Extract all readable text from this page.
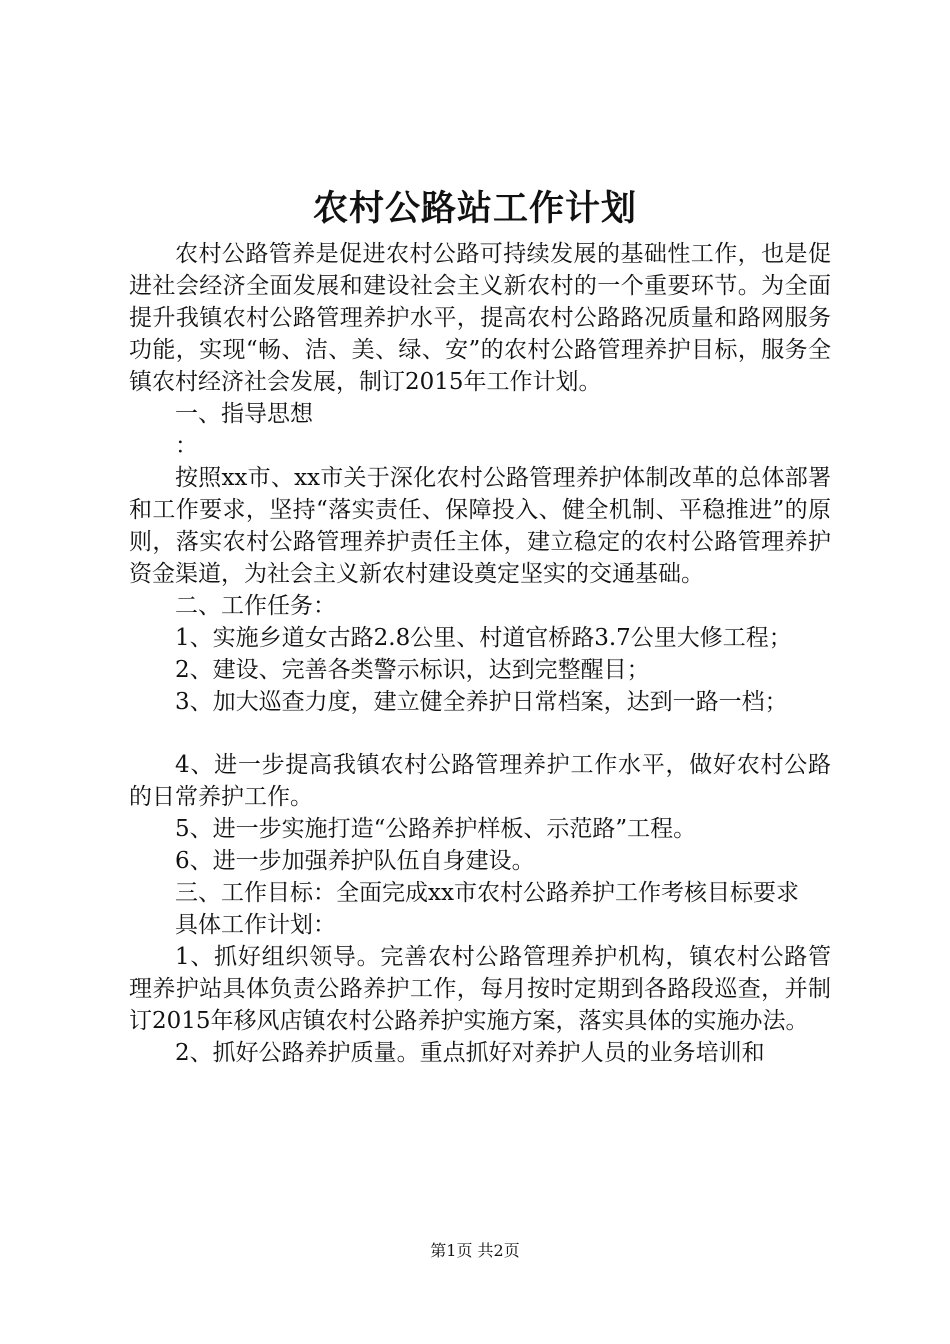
农村公路站工作计划

农村公路管养是促进农村公路可持续发展的基础性工作，也是促进社会经济全面发展和建设社会主义新农村的一个重要环节。为全面提升我镇农村公路管理养护水平，提高农村公路路况质量和路网服务功能，实现“畅、洁、美、绿、安”的农村公路管理养护目标，服务全镇农村经济社会发展，制订2015年工作计划。

一、指导思想

：

按照xx市、xx市关于深化农村公路管理养护体制改革的总体部署和工作要求，坚持“落实责任、保障投入、健全机制、平稳推进”的原则，落实农村公路管理养护责任主体，建立稳定的农村公路管理养护资金渠道，为社会主义新农村建设奠定坚实的交通基础。

二、工作任务：

1、实施乡道女古路2.8公里、村道官桥路3.7公里大修工程；

2、建设、完善各类警示标识，达到完整醒目；

3、加大巡查力度，建立健全养护日常档案，达到一路一档；

4、进一步提高我镇农村公路管理养护工作水平，做好农村公路的日常养护工作。

5、进一步实施打造“公路养护样板、示范路”工程。

6、进一步加强养护队伍自身建设。

三、工作目标：全面完成xx市农村公路养护工作考核目标要求

具体工作计划：

1、抓好组织领导。完善农村公路管理养护机构，镇农村公路管理养护站具体负责公路养护工作，每月按时定期到各路段巡查，并制订2015年移风店镇农村公路养护实施方案，落实具体的实施办法。

2、抓好公路养护质量。重点抓好对养护人员的业务培训和

第1页 共2页
